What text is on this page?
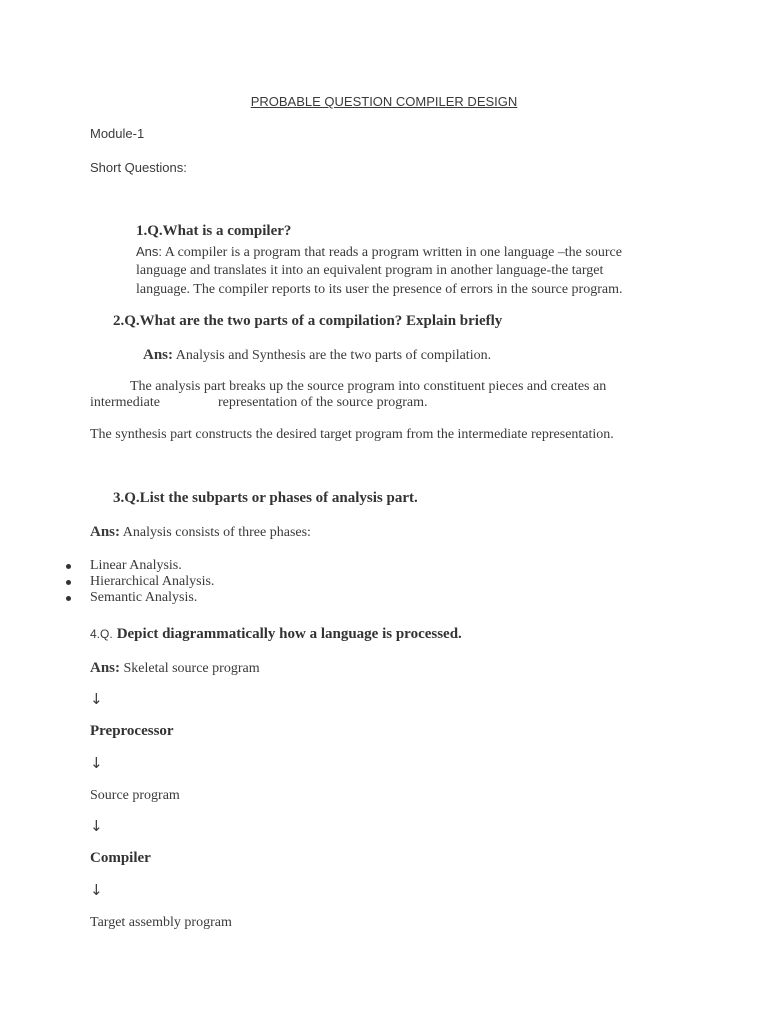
PROBABLE QUESTION COMPILER DESIGN
Module-1
Short Questions:
1.Q.What is a compiler?
Ans: A compiler is a program that reads a program written in one language –the source
language and translates it into an equivalent program in another language-the target
language. The compiler reports to its user the presence of errors in the source program.
2.Q.What are the two parts of a compilation? Explain briefly
Ans: Analysis and Synthesis are the two parts of compilation.
The analysis part breaks up the source program into constituent pieces and creates an
intermediate	representation of the source program.
The synthesis part constructs the desired target program from the intermediate representation.
3.Q.List the subparts or phases of analysis part.
Ans: Analysis consists of three phases:
Linear Analysis.
Hierarchical Analysis.
Semantic Analysis.
4.Q. Depict diagrammatically how a language is processed.
Ans: Skeletal source program
↓
Preprocessor
↓
Source program
↓
Compiler
↓
Target assembly program
